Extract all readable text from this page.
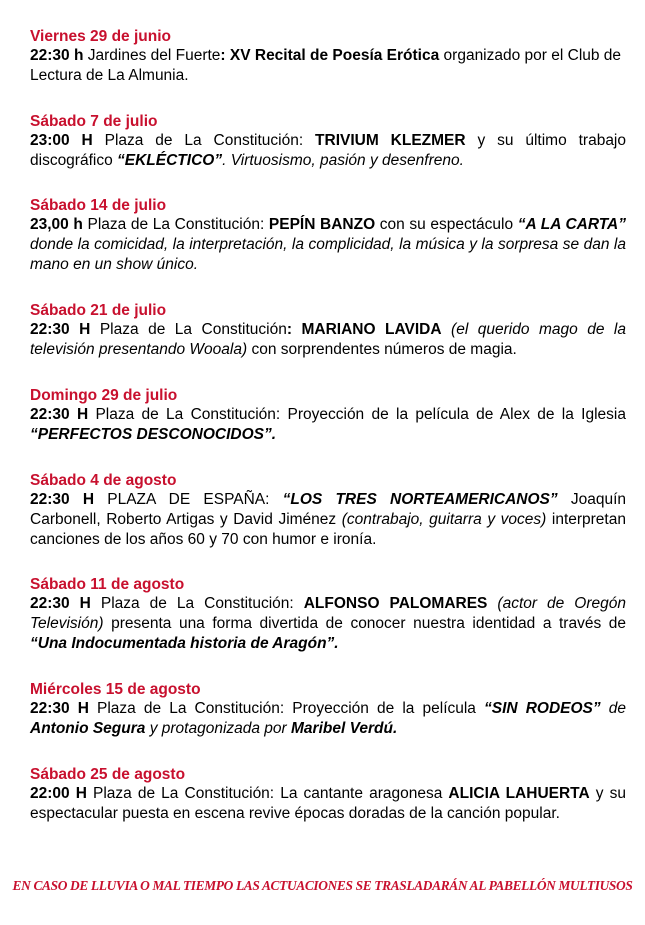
Viernes 29 de junio

22:30 h Jardines del Fuerte: XV Recital de Poesía Erótica organizado por el Club de Lectura de La Almunia.

Sábado 7 de julio

23:00 H Plaza de La Constitución: TRIVIUM KLEZMER y su último trabajo discográfico “EKLÉCTICO”. Virtuosismo, pasión y desenfreno.

Sábado 14 de julio

23,00 h Plaza de La Constitución: PEPÍN BANZO con su espectáculo “A LA CARTA” donde la comicidad, la interpretación, la complicidad, la música y la sorpresa se dan la mano en un show único.

Sábado 21 de julio

22:30 H Plaza de La Constitución: MARIANO LAVIDA (el querido mago de la televisión presentando Wooala) con sorprendentes números de magia.

Domingo 29 de julio

22:30 H Plaza de La Constitución: Proyección de la película de Alex de la Iglesia “PERFECTOS DESCONOCIDOS”.

Sábado 4 de agosto

22:30 H PLAZA DE ESPAÑA: “LOS TRES NORTEAMERICANOS” Joaquín Carbonell, Roberto Artigas y David Jiménez (contrabajo, guitarra y voces) interpretan canciones de los años 60 y 70 con humor e ironía.

Sábado 11 de agosto

22:30 H Plaza de La Constitución: ALFONSO PALOMARES (actor de Oregón Televisión) presenta una forma divertida de conocer nuestra identidad a través de “Una Indocumentada historia de Aragón”.

Miércoles 15 de agosto

22:30 H Plaza de La Constitución: Proyección de la película “SIN RODEOS” de Antonio Segura y protagonizada por Maribel Verdú.

Sábado 25 de agosto

22:00 H Plaza de La Constitución: La cantante aragonesa ALICIA LAHUERTA y su espectacular puesta en escena revive épocas doradas de la canción popular.

EN CASO DE LLUVIA O MAL TIEMPO LAS ACTUACIONES SE TRASLADARÁN AL PABELLÓN MULTIUSOS
